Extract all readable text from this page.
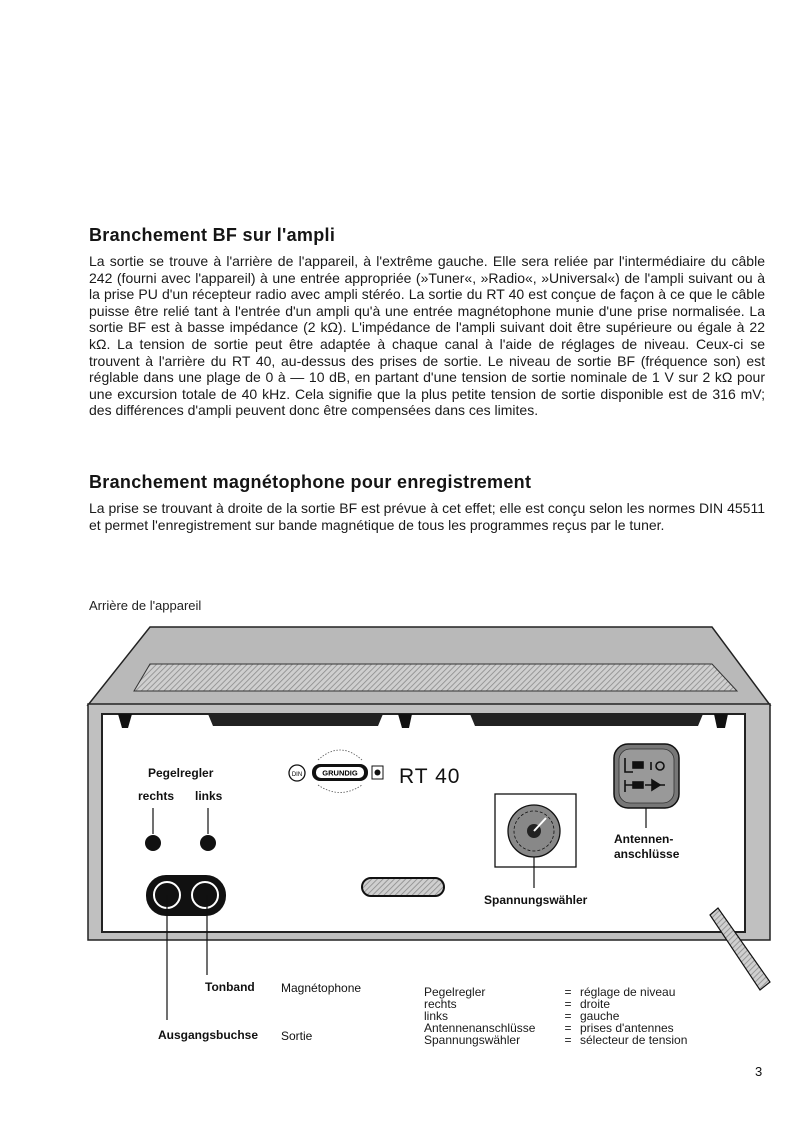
Branchement BF sur l'ampli

La sortie se trouve à l'arrière de l'appareil, à l'extrême gauche. Elle sera reliée par l'intermédiaire du câble 242 (fourni avec l'appareil) à une entrée appropriée (»Tuner«, »Radio«, »Universal«) de l'ampli suivant ou à la prise PU d'un récepteur radio avec ampli stéréo. La sortie du RT 40 est conçue de façon à ce que le câble puisse être relié tant à l'entrée d'un ampli qu'à une entrée magnétophone munie d'une prise normalisée. La sortie BF est à basse impédance (2 kΩ). L'impédance de l'ampli suivant doit être supérieure ou égale à 22 kΩ. La tension de sortie peut être adaptée à chaque canal à l'aide de réglages de niveau. Ceux-ci se trouvent à l'arrière du RT 40, au-dessus des prises de sortie. Le niveau de sortie BF (fréquence son) est réglable dans une plage de 0 à — 10 dB, en partant d'une tension de sortie nominale de 1 V sur 2 kΩ pour une excursion totale de 40 kHz. Cela signifie que la plus petite tension de sortie disponible est de 316 mV; des différences d'ampli peuvent donc être compensées dans ces limites.

Branchement magnétophone pour enregistrement

La prise se trouvant à droite de la sortie BF est prévue à cet effet; elle est conçu selon les normes DIN 45511 et permet l'enregistrement sur bande magnétique de tous les programmes reçus par le tuner.

Arrière de l'appareil
DIN	GRUNDIG
Pegelregler
rechts links
RT 40
Antennen-
anschlüsse
Spannungswähler
Tonband Magnétophone
Ausgangsbuchse Sortie
Pegelregler	=	réglage de niveau
rechts	=	droite
links	=	gauche
Antennenanschlüsse	=	prises d'antennes
Spannungswähler	=	sélecteur de tension
3
